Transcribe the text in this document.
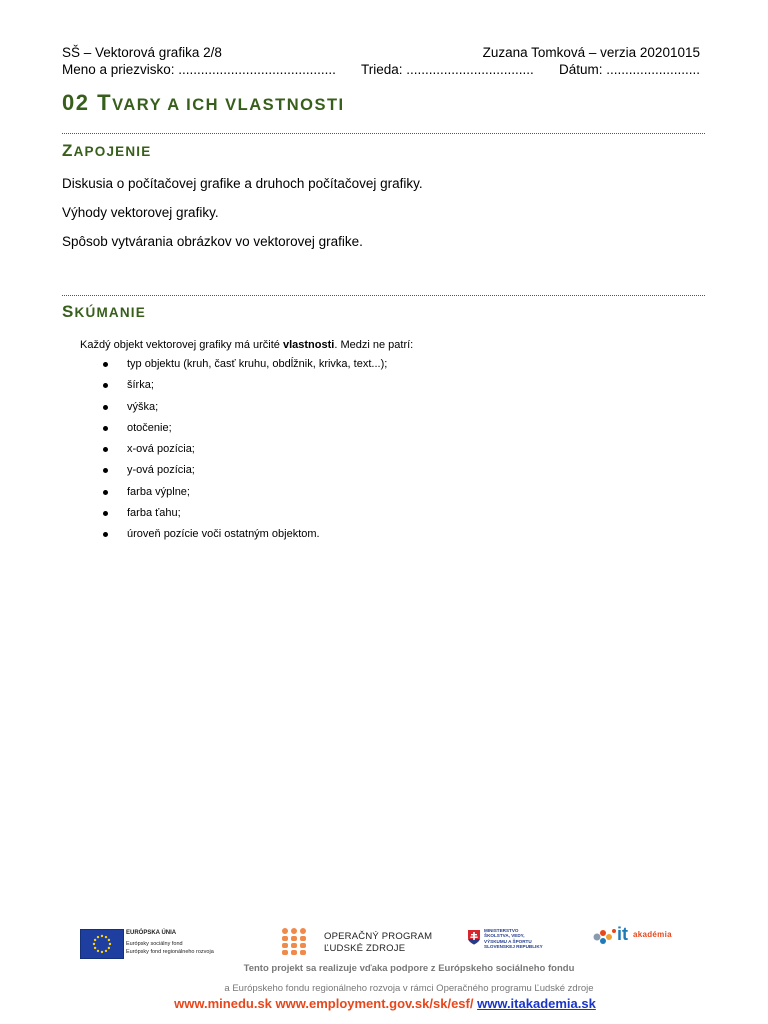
SŠ – Vektorová grafika 2/8	Zuzana Tomková – verzia 20201015
Meno a priezvisko: .......................................... Trieda: .................................. Dátum: .........................
02 TVARY A ICH VLASTNOSTI
ZAPOJENIE

Diskusia o počítačovej grafike a druhoch počítačovej grafiky.

Výhody vektorovej grafiky.

Spôsob vytvárania obrázkov vo vektorovej grafike.

SKÚMANIE

Každý objekt vektorovej grafiky má určité vlastnosti. Medzi ne patrí:

typ objektu (kruh, časť kruhu, obdĺžnik, krivka, text...);
šírka;
výška;
otočenie;
x-ová pozícia;
y-ová pozícia;
farba výplne;
farba ťahu;
úroveň pozície voči ostatným objektom.
EURÓPSKA ÚNIA
Európsky sociálny fond
Európsky fond regionálneho rozvoja
OPERAČNÝ PROGRAM
ĽUDSKÉ ZDROJE
MINISTERSTVO
ŠKOLSTVA, VEDY,
VÝSKUMU A ŠPORTU
SLOVENSKEJ REPUBLIKY
it akadémia
Tento projekt sa realizuje vďaka podpore z Európskeho sociálneho fondu
a Európskeho fondu regionálneho rozvoja v rámci Operačného programu Ľudské zdroje
www.minedu.sk www.employment.gov.sk/sk/esf/ www.itakademia.sk
